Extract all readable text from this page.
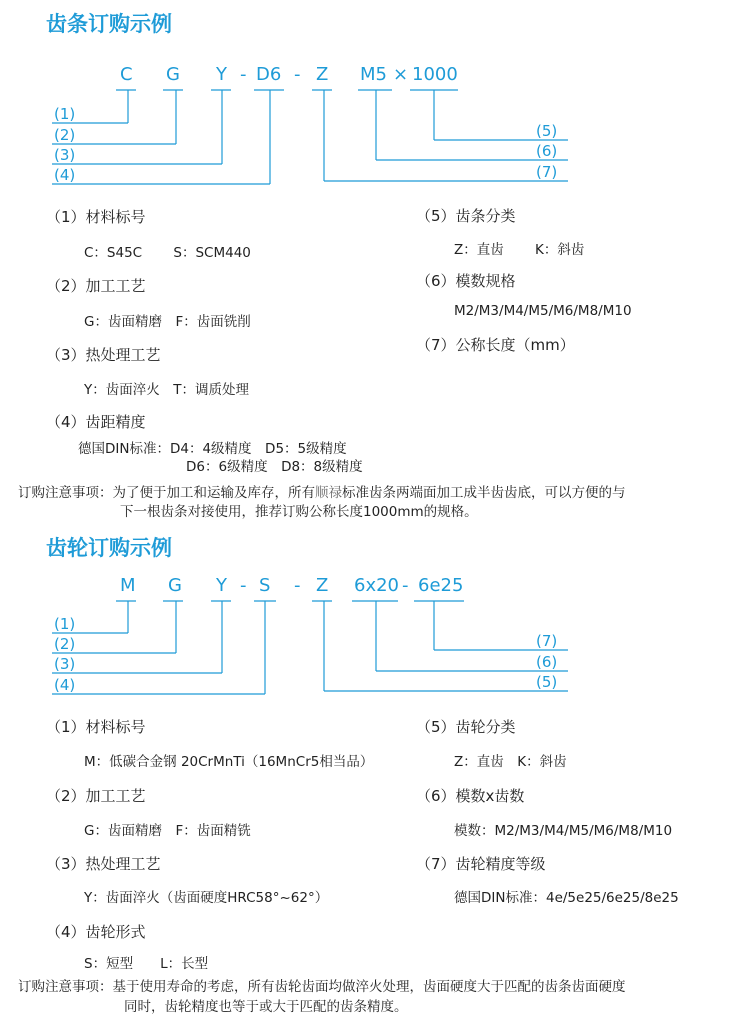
齿条订购示例
C G Y - D6 - Z M5 × 1000
(1)
(2)
(3)
(4)
(5)
(6)
(7)
（1）材料标号
C：S45C　　 S：SCM440
（2）加工工艺
G：齿面精磨　F：齿面铣削
（3）热处理工艺
Y：齿面淬火　T：调质处理
（4）齿距精度
德国DIN标准：D4：4级精度　D5：5级精度
D6：6级精度　D8：8级精度
（5）齿条分类
Z：直齿　　 K：斜齿
（6）模数规格
M2/M3/M4/M5/M6/M8/M10
（7）公称长度（mm）
订购注意事项：为了便于加工和运输及库存，所有顺禄标准齿条两端面加工成半齿齿底，可以方便的与
下一根齿条对接使用，推荐订购公称长度1000mm的规格。
齿轮订购示例
M G Y - S - Z 6x20 - 6e25
(1)
(2)
(3)
(4)
(7)
(6)
(5)
（1）材料标号
M：低碳合金钢 20CrMnTi（16MnCr5相当品）
（2）加工工艺
G：齿面精磨　F：齿面精铣
（3）热处理工艺
Y：齿面淬火（齿面硬度HRC58°~62°）
（4）齿轮形式
S：短型　　L：长型
（5）齿轮分类
Z：直齿　K：斜齿
（6）模数x齿数
模数：M2/M3/M4/M5/M6/M8/M10
（7）齿轮精度等级
德国DIN标准：4e/5e25/6e25/8e25
订购注意事项：基于使用寿命的考虑，所有齿轮齿面均做淬火处理，齿面硬度大于匹配的齿条齿面硬度
同时，齿轮精度也等于或大于匹配的齿条精度。
